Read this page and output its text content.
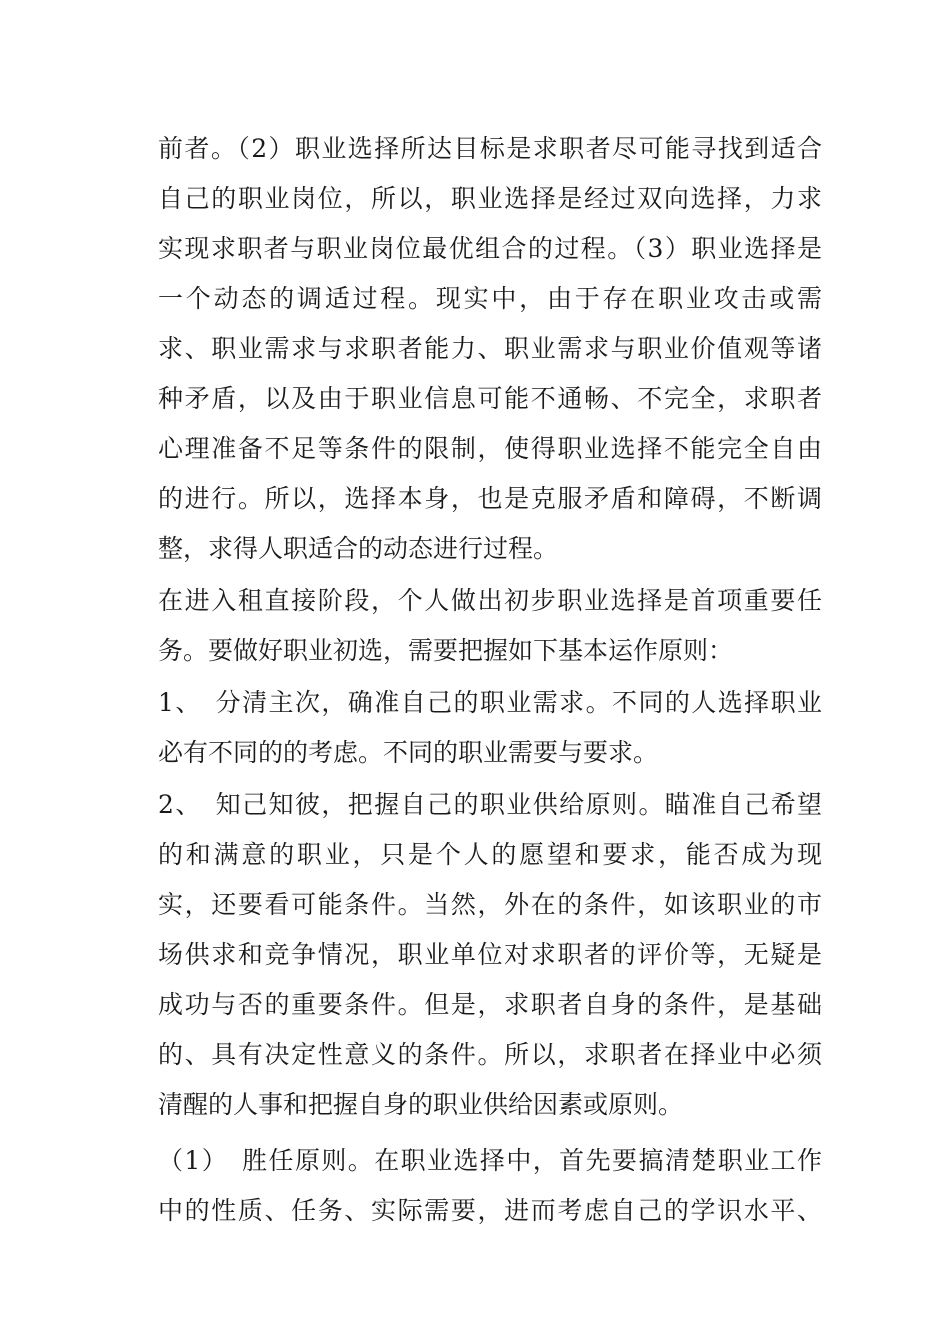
前者。（2）职业选择所达目标是求职者尽可能寻找到适合
自己的职业岗位，所以，职业选择是经过双向选择，力求
实现求职者与职业岗位最优组合的过程。（3）职业选择是
一个动态的调适过程。现实中，由于存在职业攻击或需
求、职业需求与求职者能力、职业需求与职业价值观等诸
种矛盾，以及由于职业信息可能不通畅、不完全，求职者
心理准备不足等条件的限制，使得职业选择不能完全自由
的进行。所以，选择本身，也是克服矛盾和障碍，不断调
整，求得人职适合的动态进行过程。
在进入租直接阶段，个人做出初步职业选择是首项重要任
务。要做好职业初选，需要把握如下基本运作原则：
1、　分清主次，确准自己的职业需求。不同的人选择职业
必有不同的的考虑。不同的职业需要与要求。
2、　知己知彼，把握自己的职业供给原则。瞄准自己希望
的和满意的职业，只是个人的愿望和要求，能否成为现
实，还要看可能条件。当然，外在的条件，如该职业的市
场供求和竞争情况，职业单位对求职者的评价等，无疑是
成功与否的重要条件。但是，求职者自身的条件，是基础
的、具有决定性意义的条件。所以，求职者在择业中必须
清醒的人事和把握自身的职业供给因素或原则。
（1）　胜任原则。在职业选择中，首先要搞清楚职业工作
中的性质、任务、实际需要，进而考虑自己的学识水平、
